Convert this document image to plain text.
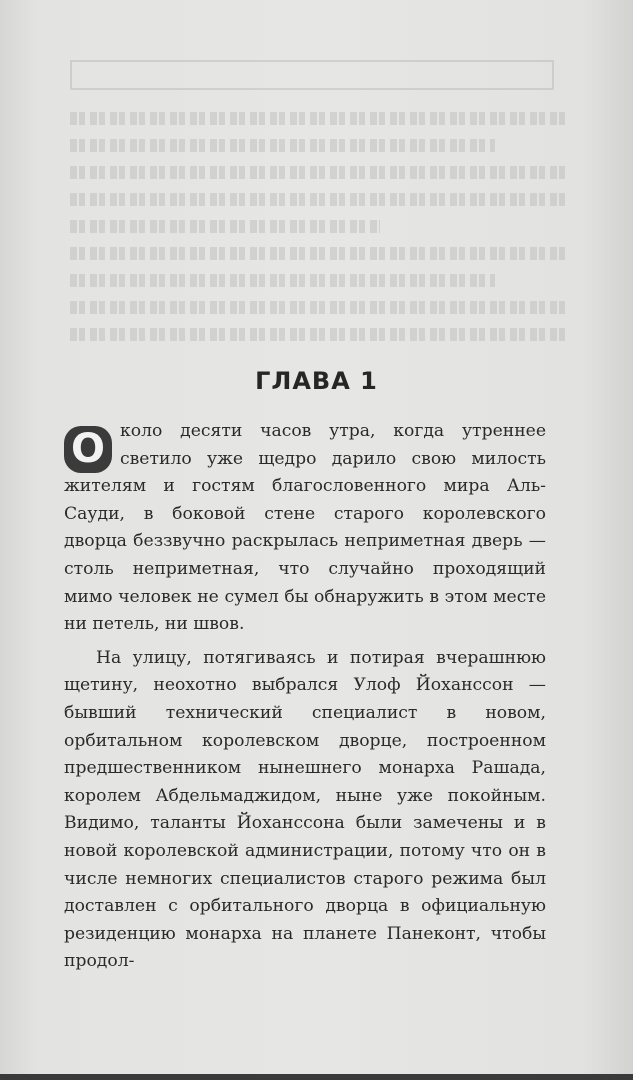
ГЛАВА 1

О коло десяти часов утра, когда утреннее светило уже щедро дарило свою милость жителям и гостям благословенного мира Аль-Сауди, в боковой стене старого королевского дворца беззвучно раскрылась неприметная дверь — столь неприметная, что случайно проходящий мимо человек не сумел бы обнаружить в этом месте ни петель, ни швов.

На улицу, потягиваясь и потирая вчерашнюю щетину, неохотно выбрался Улоф Йоханссон — бывший технический специалист в новом, орбитальном королевском дворце, построенном предшественником нынешнего монарха Рашада, королем Абдельмаджидом, ныне уже покойным. Видимо, таланты Йоханссона были замечены и в новой королевской администрации, потому что он в числе немногих специалистов старого режима был доставлен с орбитального дворца в официальную резиденцию монарха на планете Панеконт, чтобы продол-
